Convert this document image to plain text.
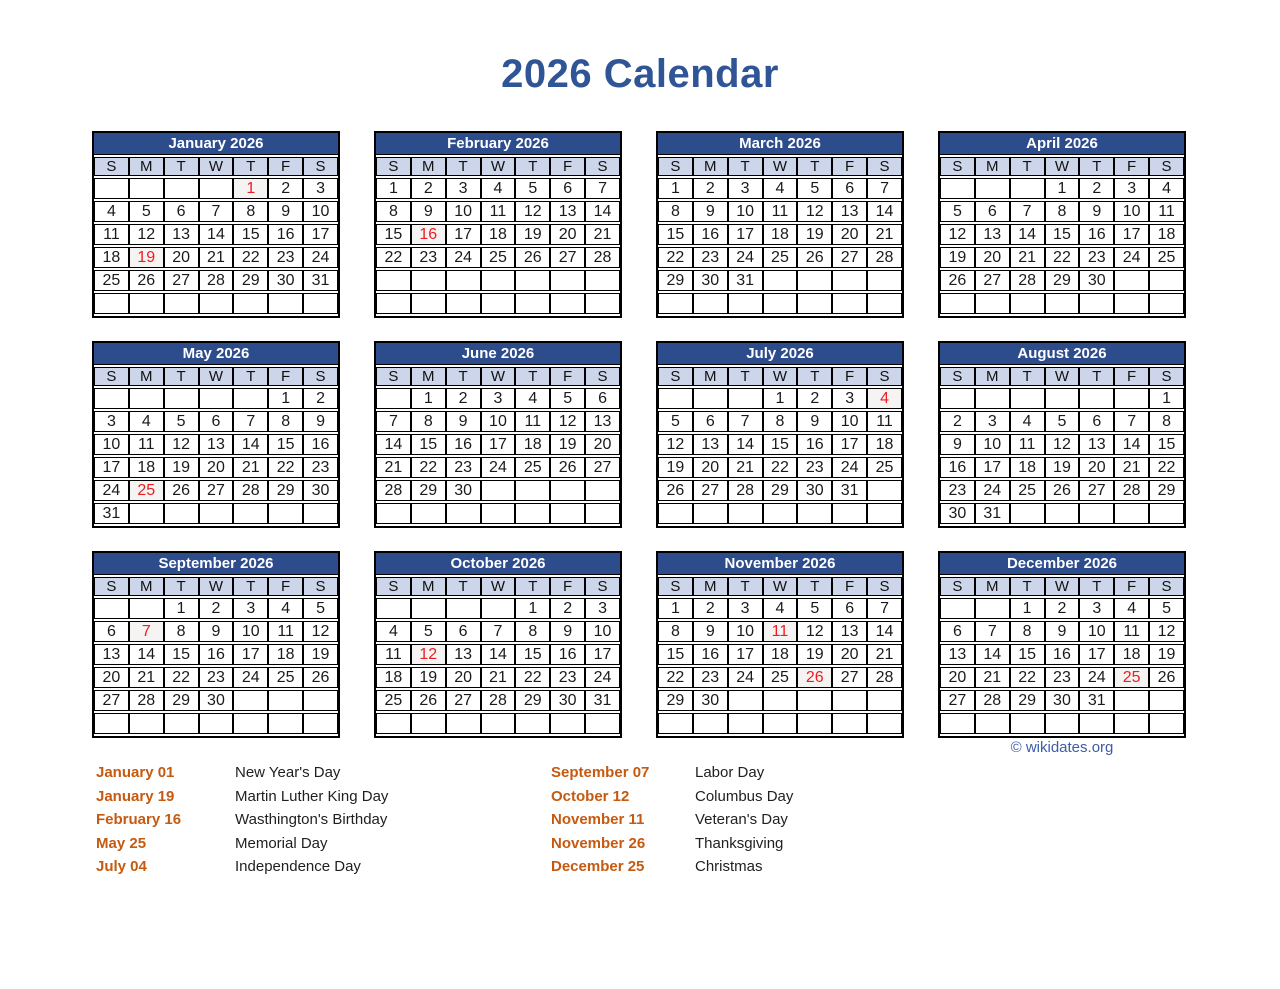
2026 Calendar
January 2026
S	M	T	W	T	F	S
				1	2	3
4	5	6	7	8	9	10
11	12	13	14	15	16	17
18	19	20	21	22	23	24
25	26	27	28	29	30	31

February 2026
S	M	T	W	T	F	S
1	2	3	4	5	6	7
8	9	10	11	12	13	14
15	16	17	18	19	20	21
22	23	24	25	26	27	28

March 2026
S	M	T	W	T	F	S
1	2	3	4	5	6	7
8	9	10	11	12	13	14
15	16	17	18	19	20	21
22	23	24	25	26	27	28
29	30	31				

April 2026
S	M	T	W	T	F	S
			1	2	3	4
5	6	7	8	9	10	11
12	13	14	15	16	17	18
19	20	21	22	23	24	25
26	27	28	29	30		

May 2026
S	M	T	W	T	F	S
					1	2
3	4	5	6	7	8	9
10	11	12	13	14	15	16
17	18	19	20	21	22	23
24	25	26	27	28	29	30
31						
June 2026
S	M	T	W	T	F	S
	1	2	3	4	5	6
7	8	9	10	11	12	13
14	15	16	17	18	19	20
21	22	23	24	25	26	27
28	29	30				

July 2026
S	M	T	W	T	F	S
			1	2	3	4
5	6	7	8	9	10	11
12	13	14	15	16	17	18
19	20	21	22	23	24	25
26	27	28	29	30	31	

August 2026
S	M	T	W	T	F	S
						1
2	3	4	5	6	7	8
9	10	11	12	13	14	15
16	17	18	19	20	21	22
23	24	25	26	27	28	29
30	31					
September 2026
S	M	T	W	T	F	S
		1	2	3	4	5
6	7	8	9	10	11	12
13	14	15	16	17	18	19
20	21	22	23	24	25	26
27	28	29	30			

October 2026
S	M	T	W	T	F	S
				1	2	3
4	5	6	7	8	9	10
11	12	13	14	15	16	17
18	19	20	21	22	23	24
25	26	27	28	29	30	31

November 2026
S	M	T	W	T	F	S
1	2	3	4	5	6	7
8	9	10	11	12	13	14
15	16	17	18	19	20	21
22	23	24	25	26	27	28
29	30					

December 2026
S	M	T	W	T	F	S
		1	2	3	4	5
6	7	8	9	10	11	12
13	14	15	16	17	18	19
20	21	22	23	24	25	26
27	28	29	30	31		

© wikidates.org
January 01	New Year's Day
January 19	Martin Luther King Day
February 16	Wasthington's Birthday
May 25	Memorial Day
July 04	Independence Day
September 07	Labor Day
October 12	Columbus Day
November 11	Veteran's Day
November 26	Thanksgiving
December 25	Christmas
